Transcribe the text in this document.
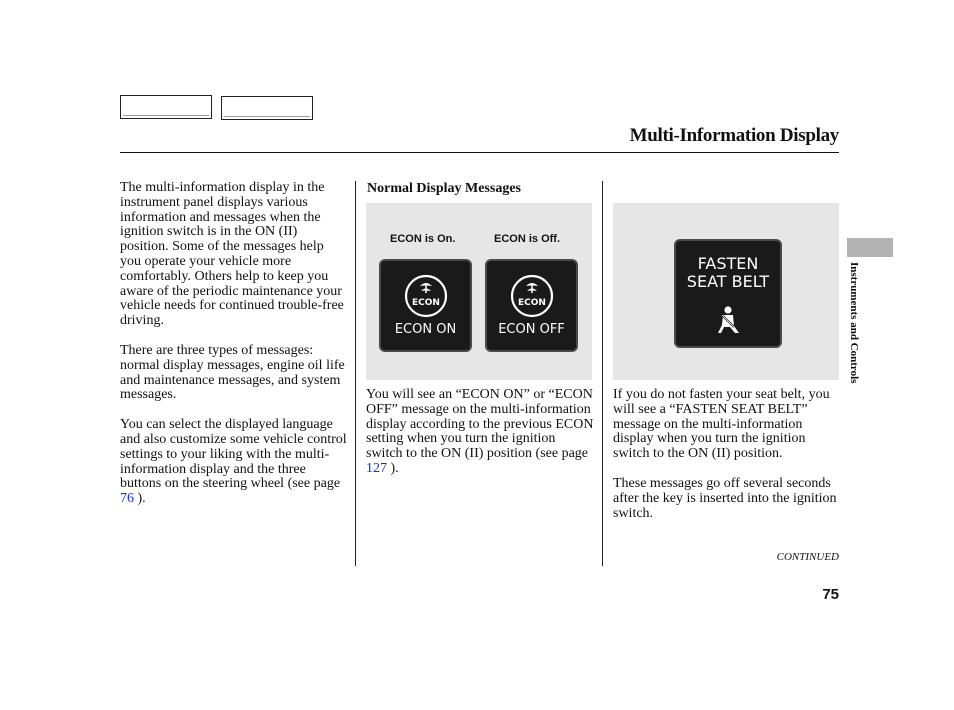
Multi-Information Display

The multi-information display in the instrument panel displays various information and messages when the ignition switch is in the ON (II) position. Some of the messages help you operate your vehicle more comfortably. Others help to keep you aware of the periodic maintenance your vehicle needs for continued trouble-free driving.

There are three types of messages: normal display messages, engine oil life and maintenance messages, and system messages.

You can select the displayed language and also customize some vehicle control settings to your liking with the multi-information display and the three buttons on the steering wheel (see page 76 ).

Normal Display Messages
ECON is On.	ECON is Off.
ECON
ECON ON
ECON
ECON OFF

You will see an “ECON ON” or “ECON OFF” message on the multi-information display according to the previous ECON setting when you turn the ignition switch to the ON (II) position (see page 127 ).

FASTEN
SEAT BELT

If you do not fasten your seat belt, you will see a “FASTEN SEAT BELT” message on the multi-information display when you turn the ignition switch to the ON (II) position.

These messages go off several seconds after the key is inserted into the ignition switch.

Instruments and Controls
CONTINUED
75
